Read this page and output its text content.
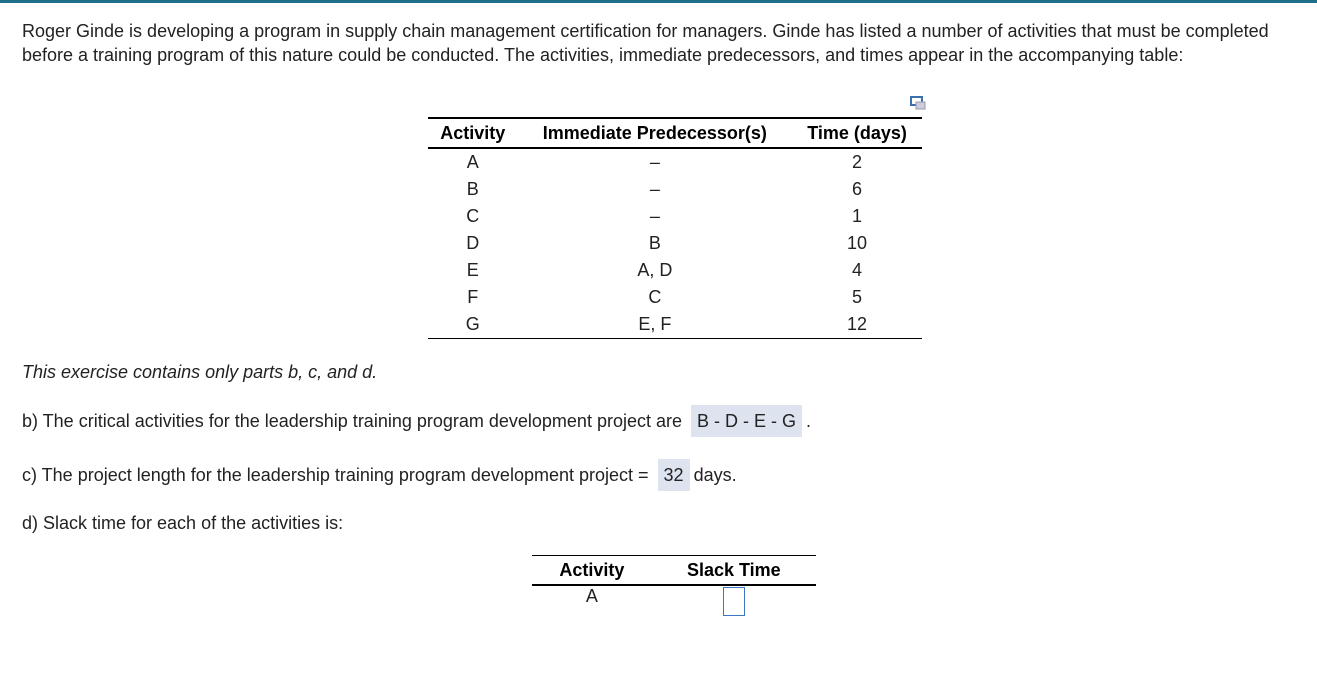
Roger Ginde is developing a program in supply chain management certification for managers. Ginde has listed a number of activities that must be completed before a training program of this nature could be conducted. The activities, immediate predecessors, and times appear in the accompanying table:
Activity	Immediate Predecessor(s)	Time (days)
A	–	2
B	–	6
C	–	1
D	B	10
E	A, D	4
F	C	5
G	E, F	12
This exercise contains only parts b, c, and d.
b) The critical activities for the leadership training program development project are B - D - E - G .
c) The project length for the leadership training program development project = 32 days.
d) Slack time for each of the activities is:
Activity	Slack Time
A	
